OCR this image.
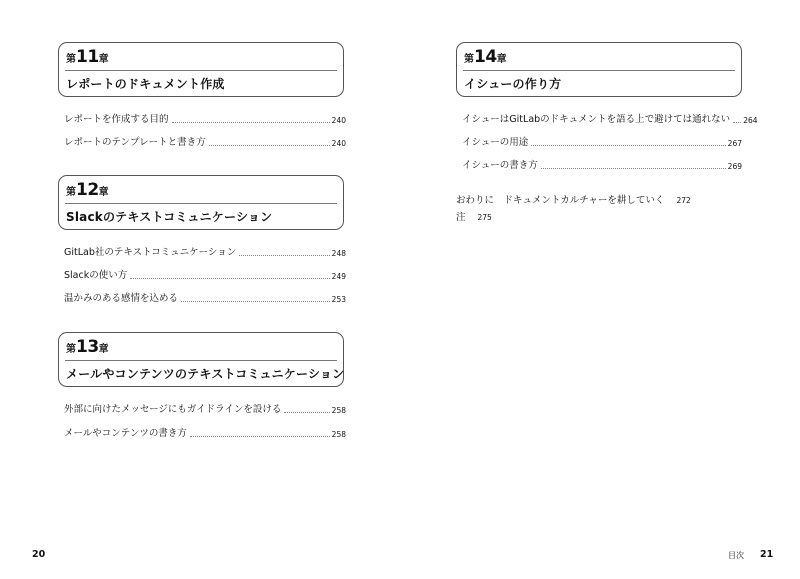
第 11 章
レポートのドキュメント作成
レポートを作成する目的	240
レポートのテンプレートと書き方	240
第 12 章
Slackのテキストコミュニケーション
GitLab社のテキストコミュニケーション	248
Slackの使い方	249
温かみのある感情を込める	253
第 13 章
メールやコンテンツのテキストコミュニケーション
外部に向けたメッセージにもガイドラインを設ける	258
メールやコンテンツの書き方	258
20
第 14 章
イシューの作り方
イシューはGitLabのドキュメントを語る上で避けては通れない 264
イシューの用途	267
イシューの書き方	269
おわりに　ドキュメントカルチャーを耕していく 272
注 275
目次 21
